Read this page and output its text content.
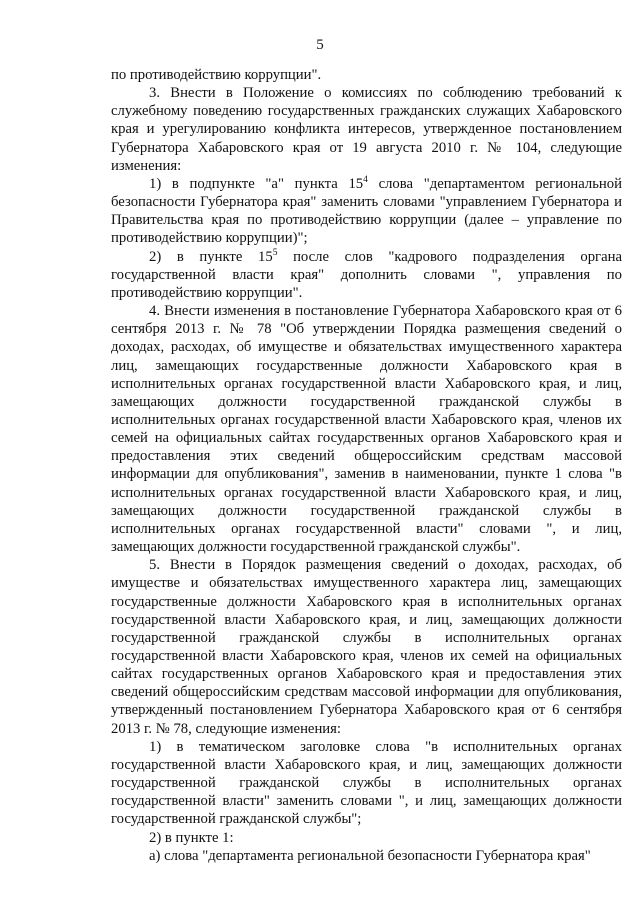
5

по противодействию коррупции".

3. Внести в Положение о комиссиях по соблюдению требований к служебному поведению государственных гражданских служащих Хабаровского края и урегулированию конфликта интересов, утвержденное постановлением Губернатора Хабаровского края от 19 августа 2010 г. № 104, следующие изменения:

1) в подпункте "а" пункта $15^4$ слова "департаментом региональной безопасности Губернатора края" заменить словами "управлением Губернатора и Правительства края по противодействию коррупции (далее – управление по противодействию коррупции)";

2) в пункте $15^5$ после слов "кадрового подразделения органа государственной власти края" дополнить словами ", управления по противодействию коррупции".

4. Внести изменения в постановление Губернатора Хабаровского края от 6 сентября 2013 г. № 78 "Об утверждении Порядка размещения сведений о доходах, расходах, об имуществе и обязательствах имущественного характера лиц, замещающих государственные должности Хабаровского края в исполнительных органах государственной власти Хабаровского края, и лиц, замещающих должности государственной гражданской службы в исполнительных органах государственной власти Хабаровского края, членов их семей на официальных сайтах государственных органов Хабаровского края и предоставления этих сведений общероссийским средствам массовой информации для опубликования", заменив в наименовании, пункте 1 слова "в исполнительных органах государственной власти Хабаровского края, и лиц, замещающих должности государственной гражданской службы в исполнительных органах государственной власти" словами ", и лиц, замещающих должности государственной гражданской службы".

5. Внести в Порядок размещения сведений о доходах, расходах, об имуществе и обязательствах имущественного характера лиц, замещающих государственные должности Хабаровского края в исполнительных органах государственной власти Хабаровского края, и лиц, замещающих должности государственной гражданской службы в исполнительных органах государственной власти Хабаровского края, членов их семей на официальных сайтах государственных органов Хабаровского края и предоставления этих сведений общероссийским средствам массовой информации для опубликования, утвержденный постановлением Губернатора Хабаровского края от 6 сентября 2013 г. № 78, следующие изменения:

1) в тематическом заголовке слова "в исполнительных органах государственной власти Хабаровского края, и лиц, замещающих должности государственной гражданской службы в исполнительных органах государственной власти" заменить словами ", и лиц, замещающих должности государственной гражданской службы";

2) в пункте 1:

а) слова "департамента региональной безопасности Губернатора края"
